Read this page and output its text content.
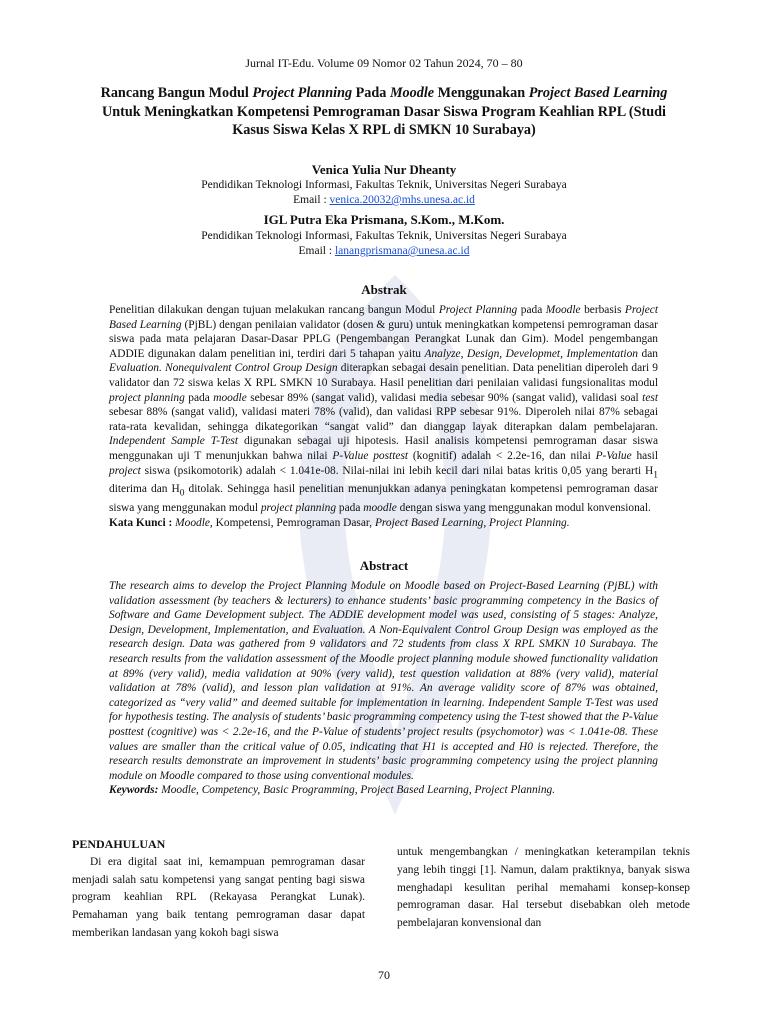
Jurnal IT-Edu. Volume 09 Nomor 02 Tahun 2024, 70 – 80
Rancang Bangun Modul Project Planning Pada Moodle Menggunakan Project Based Learning Untuk Meningkatkan Kompetensi Pemrograman Dasar Siswa Program Keahlian RPL (Studi Kasus Siswa Kelas X RPL di SMKN 10 Surabaya)
Venica Yulia Nur Dheanty
Pendidikan Teknologi Informasi, Fakultas Teknik, Universitas Negeri Surabaya
Email : venica.20032@mhs.unesa.ac.id
IGL Putra Eka Prismana, S.Kom., M.Kom.
Pendidikan Teknologi Informasi, Fakultas Teknik, Universitas Negeri Surabaya
Email : lanangprismana@unesa.ac.id
Abstrak

Penelitian dilakukan dengan tujuan melakukan rancang bangun Modul Project Planning pada Moodle berbasis Project Based Learning (PjBL) dengan penilaian validator (dosen & guru) untuk meningkatkan kompetensi pemrograman dasar siswa pada mata pelajaran Dasar-Dasar PPLG (Pengembangan Perangkat Lunak dan Gim). Model pengembangan ADDIE digunakan dalam penelitian ini, terdiri dari 5 tahapan yaitu Analyze, Design, Developmet, Implementation dan Evaluation. Nonequivalent Control Group Design diterapkan sebagai desain penelitian. Data penelitian diperoleh dari 9 validator dan 72 siswa kelas X RPL SMKN 10 Surabaya. Hasil penelitian dari penilaian validasi fungsionalitas modul project planning pada moodle sebesar 89% (sangat valid), validasi media sebesar 90% (sangat valid), validasi soal test sebesar 88% (sangat valid), validasi materi 78% (valid), dan validasi RPP sebesar 91%. Diperoleh nilai 87% sebagai rata-rata kevalidan, sehingga dikategorikan “sangat valid” dan dianggap layak diterapkan dalam pembelajaran. Independent Sample T-Test digunakan sebagai uji hipotesis. Hasil analisis kompetensi pemrograman dasar siswa menggunakan uji T menunjukkan bahwa nilai P-Value posttest (kognitif) adalah < 2.2e-16, dan nilai P-Value hasil project siswa (psikomotorik) adalah < 1.041e-08. Nilai-nilai ini lebih kecil dari nilai batas kritis 0,05 yang berarti $H_1$ diterima dan $H_0$ ditolak. Sehingga hasil penelitian menunjukkan adanya peningkatan kompetensi pemrograman dasar siswa yang menggunakan modul project planning pada moodle dengan siswa yang menggunakan modul konvensional.

Kata Kunci : Moodle, Kompetensi, Pemrograman Dasar, Project Based Learning, Project Planning.

Abstract

The research aims to develop the Project Planning Module on Moodle based on Project-Based Learning (PjBL) with validation assessment (by teachers & lecturers) to enhance students’ basic programming competency in the Basics of Software and Game Development subject. The ADDIE development model was used, consisting of 5 stages: Analyze, Design, Development, Implementation, and Evaluation. A Non-Equivalent Control Group Design was employed as the research design. Data was gathered from 9 validators and 72 students from class X RPL SMKN 10 Surabaya. The research results from the validation assessment of the Moodle project planning module showed functionality validation at 89% (very valid), media validation at 90% (very valid), test question validation at 88% (very valid), material validation at 78% (valid), and lesson plan validation at 91%. An average validity score of 87% was obtained, categorized as “very valid” and deemed suitable for implementation in learning. Independent Sample T-Test was used for hypothesis testing. The analysis of students’ basic programming competency using the T-test showed that the P-Value posttest (cognitive) was < 2.2e-16, and the P-Value of students’ project results (psychomotor) was < 1.041e-08. These values are smaller than the critical value of 0.05, indicating that H1 is accepted and H0 is rejected. Therefore, the research results demonstrate an improvement in students’ basic programming competency using the project planning module on Moodle compared to those using conventional modules.

Keywords: Moodle, Competency, Basic Programming, Project Based Learning, Project Planning.

PENDAHULUAN

Di era digital saat ini, kemampuan pemrograman dasar menjadi salah satu kompetensi yang sangat penting bagi siswa program keahlian RPL (Rekayasa Perangkat Lunak). Pemahaman yang baik tentang pemrograman dasar dapat memberikan landasan yang kokoh bagi siswa

untuk mengembangkan / meningkatkan keterampilan teknis yang lebih tinggi [1]. Namun, dalam praktiknya, banyak siswa menghadapi kesulitan perihal memahami konsep-konsep pemrograman dasar. Hal tersebut disebabkan oleh metode pembelajaran konvensional dan

70
